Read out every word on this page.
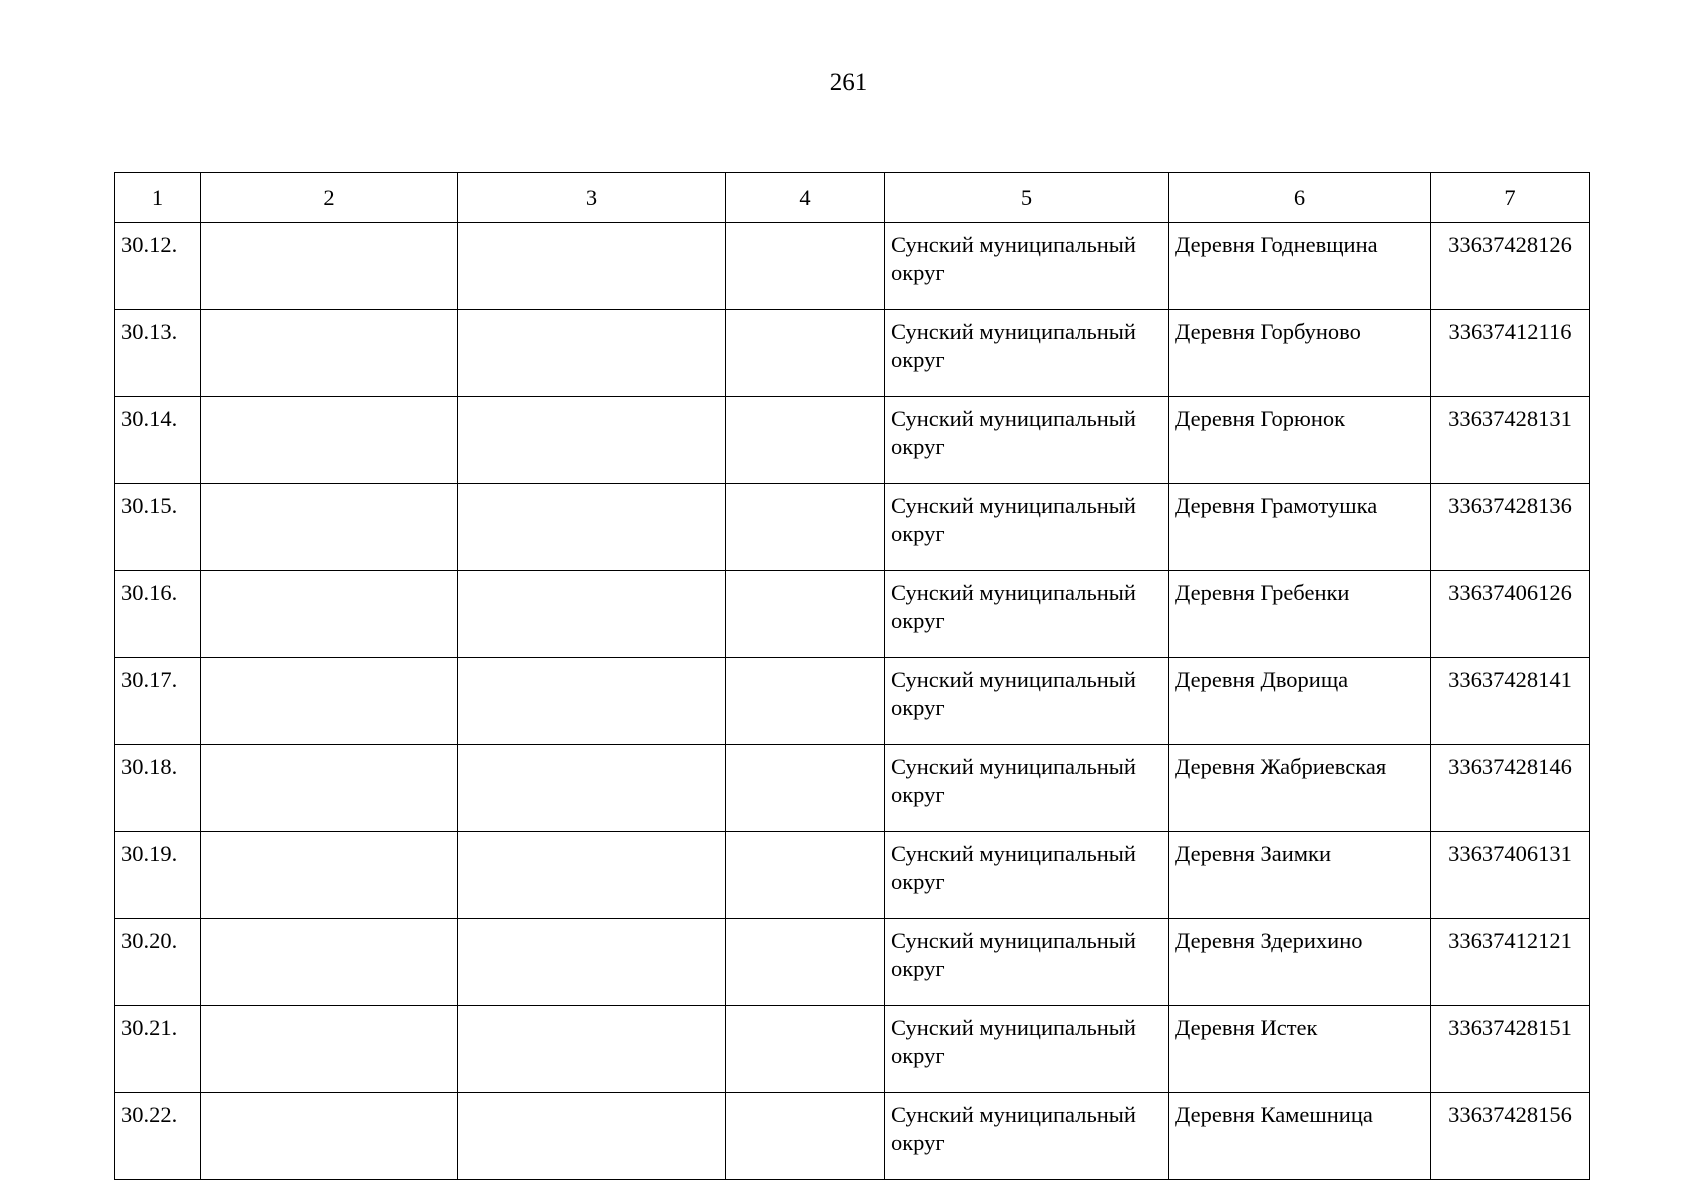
261
1	2	3	4	5	6	7
30.12.				Сунский муниципальный округ	Деревня Годневщина	33637428126
30.13.				Сунский муниципальный округ	Деревня Горбуново	33637412116
30.14.				Сунский муниципальный округ	Деревня Горюнок	33637428131
30.15.				Сунский муниципальный округ	Деревня Грамотушка	33637428136
30.16.				Сунский муниципальный округ	Деревня Гребенки	33637406126
30.17.				Сунский муниципальный округ	Деревня Дворища	33637428141
30.18.				Сунский муниципальный округ	Деревня Жабриевская	33637428146
30.19.				Сунский муниципальный округ	Деревня Заимки	33637406131
30.20.				Сунский муниципальный округ	Деревня Здерихино	33637412121
30.21.				Сунский муниципальный округ	Деревня Истек	33637428151
30.22.				Сунский муниципальный округ	Деревня Камешница	33637428156
